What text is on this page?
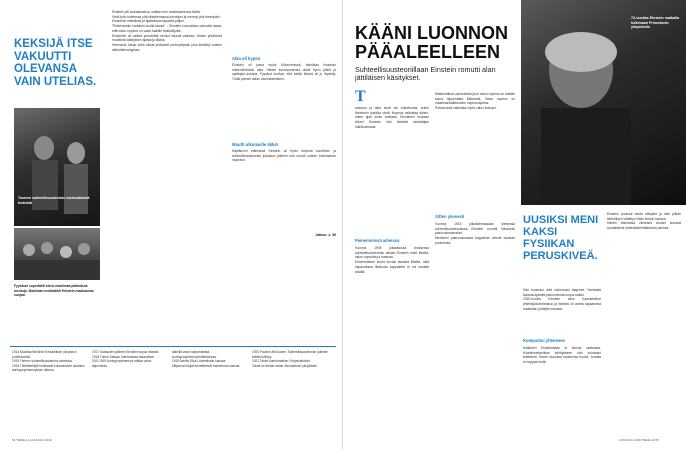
KEKSIJÄ ITSE VAKUUTTI OLEVANSA VAIN UTELIAS.
Tuoreen suhteellisuusteorian ensimmäisistä testeistä
Fyysikan supertähti kiersi maailmaa pitämässä luentoja. Maailman mediatähti Einstein maahaansa suojasi
Einstein piti sulkaakseksa, vaikkei erin omaisuuteensa lisätä.
Vielä työn kokeessa yhä taistelemassa luentojen ja mennyt yhä eteenpäin.
Einsteinin elämässä ja ajattelussa tapahtui paljon.
"Rotterdamin harkitsin kuulla taivas" – Einstein vuorostaan perusteli asiaa, että valon nopeus on vakio kaikille tarkkailijoille.
Einsteinin oli vaikea ymmärtää nerous tekevä vaikeaa. Hänen yhtälönsä muuttivat käsityksen ajasta ja tilasta.
Hermanni Jakob sekä oliivat johtaneet perheyritystä; joka keskittyi uuteen sähköteknologiaan.
Aika oli kypsä
Einstein oli jossa myös Münchenissä, tekniikan historian mielenkiintoisin aika. Hänen kouluvuotensa olivat hyvin pitkiä ja opettajat ankaria. Fyysikot luulivat, että kaikki tärkeä oli jo löydetty. Tuhat pienen asian varmistamiseen.
Muutti ulkomaille äkkiä
Käytännön elämässä Einstein oli hyvin helposti surullinen ja suhteellisuusteorian julkaisun jälkeen hän muutti uuteen kotimaahan nopeasti.
Jatkuu: s. 56
1914 Muuttaa Berliiniin Keisarillisen yliopiston professoriksi.
1915 Yleinen suhteellisuusteoria valmistuu.
1919 Tähtitieteilijät todistavat ennustuksen oikeaksi auringonpimennyksen aikana.
1917 Sairauden jälkeen Einstein toipuu hitaasti.
1918 Tukee Saksan toiminnassa tasavaltaa.
29.5.1919 Auringonpimennys mittaa valon taipumista.
säteillä valon taipumisesta.
Auringonpimennysmittauksissa.
1919 Avioitu Elsa Löwenthalin kanssa.
Miljoonat lukijat ihmettelevät maineensa kasvua.
1920 Pauline äiti kuolee. Suhteellisuusteorian julkinen kritiikki kiihtyy.
1921 Tekee luentomatkan Yhdysvaltoihin.
Toivat ne keräsi rahaa Jerusalemin yliopistolle.
54 TIEDE 11 LOKAKUU 2019
72-vuotias Einstein matkalla tutkimaan Princetonin yliopistolle.
KÄÄNI LUONNON PÄÄALEELLEEN
Suhteellisuusteoriillaan Einstein romutti alan jättiläisen käsitykset.
T
avaruus ja aika eivät ole ehdottomia, kuten Newtonin fysiikka oletti. Nopeus vaikuttaa siihen, miten ajan kulku koetaan. Einsteinin mukaan Albert Einstein teki tiedettä tarkkailijan näkökulmasta.
Pienemmissä aiheissa
Vuonna 1905 julkaistussa teoksessa suhteellisuusteorian aikaan Einstein tutkii liikettä, valon nopeutta ja massaa.
Ensimmäinen teoria kuvasi tasaista liikettä, mitä vapaudessa liikkuvaa kappaletta ei voi havaita sisältä.
Matematiikan perusteella juuri valon nopeus on kaikille sama riippumatta liikkeestä. Valon nopeus on maailmankaikkeuden nopeusrajoitus.
Painovoima vaikuttaa myös valon kulkuun.
Sitten yleisesti
Vuonna 1915 julkaisemassaan yleisessä suhteellisuusteoriassa Einstein romutti Newtonin painovoimateorian.
Newtonin painovoimassa kappaleet vetivät toisiaan puoleensa.
UUSIKSI MENI KAKSI FYSIIKAN PERUSKIVEÄ.
Hän huomasi, että universumi laajenee. Vanhasta tavasta ajatella painovoimaa luopui kaikki.
1920-luvulla Einstein toimi Kansainliiton yhteistyökomiteassa ja hänellä oli useita tapaamisia maailman johtajien kanssa.
Kompastui yhteiseen
Kaikkeen Einsteinkaan ei tiennyt vastausta. Kvanttimekaniikan kehitykseen hän suhtautui kriittisesti. Hänen kuuluisa lauseensa kuului: Jumala ei noppaa heitä.
Einstein puolusti muita tutkijoita ja kävi pitkän tieteellisen väittelyn Niels Bohrin kanssa.
Hänen elämänsä viimeiset vuodet kuluivat rauhallisesti yhtenäiskenttäteorian parissa.
LOKAKUU 2019 TIEDE 11 55
